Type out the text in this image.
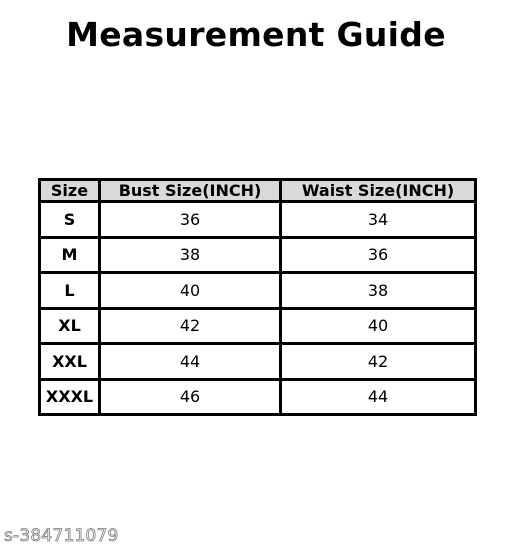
Measurement Guide
Size	Bust Size(INCH)	Waist Size(INCH)
S	36	34
M	38	36
L	40	38
XL	42	40
XXL	44	42
XXXL	46	44
s-384711079
